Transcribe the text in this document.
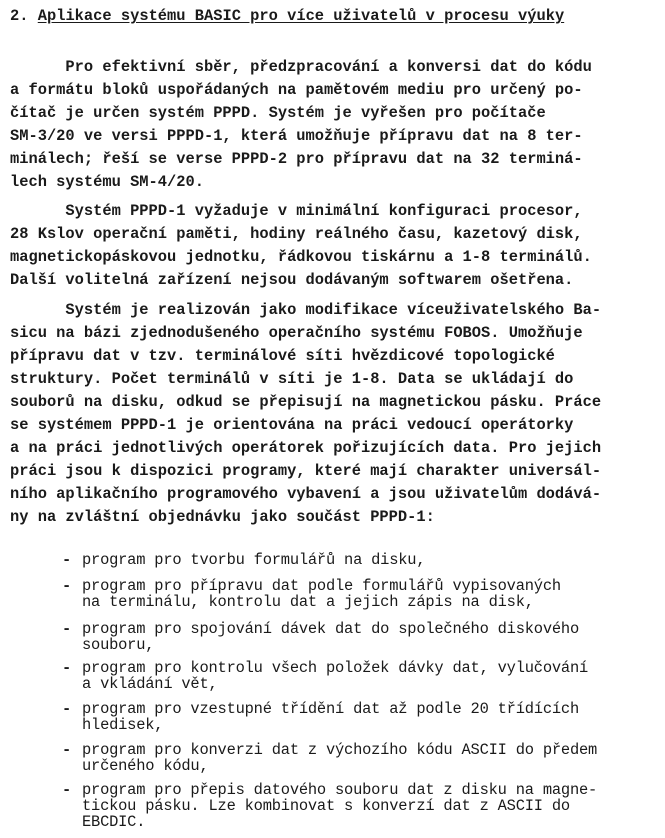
2. Aplikace systému BASIC pro více uživatelů v procesu výuky
Pro efektivní sběr, předzpracování a konversi dat do kódu
a formátu bloků uspořádaných na pamětovém mediu pro určený po-
čítač je určen systém PPPD. Systém je vyřešen pro počítače
SM-3/20 ve versi PPPD-1, která umožňuje přípravu dat na 8 ter-
minálech; řeší se verse PPPD-2 pro přípravu dat na 32 terminá-
lech systému SM-4/20.
Systém PPPD-1 vyžaduje v minimální konfiguraci procesor,
28 Kslov operační paměti, hodiny reálného času, kazetový disk,
magnetickopáskovou jednotku, řádkovou tiskárnu a 1-8 terminálů.
Další volitelná zařízení nejsou dodávaným softwarem ošetřena.
Systém je realizován jako modifikace víceuživatelského Ba-
sicu na bázi zjednodušeného operačního systému FOBOS. Umožňuje
přípravu dat v tzv. terminálové síti hvězdicové topologické
struktury. Počet terminálů v síti je 1-8. Data se ukládají do
souborů na disku, odkud se přepisují na magnetickou pásku. Práce
se systémem PPPD-1 je orientována na práci vedoucí operátorky
a na práci jednotlivých operátorek pořizujících data. Pro jejich
práci jsou k dispozici programy, které mají charakter universál-
ního aplikačního programového vybavení a jsou uživatelům dodává-
ny na zvláštní objednávku jako součást PPPD-1:
- program pro tvorbu formulářů na disku,
- program pro přípravu dat podle formulářů vypisovaných
na terminálu, kontrolu dat a jejich zápis na disk,
- program pro spojování dávek dat do společného diskového
souboru,
- program pro kontrolu všech položek dávky dat, vylučování
a vkládání vět,
- program pro vzestupné třídění dat až podle 20 třídících
hledisek,
- program pro konverzi dat z výchozího kódu ASCII do předem
určeného kódu,
- program pro přepis datového souboru dat z disku na magne-
tickou pásku. Lze kombinovat s konverzí dat z ASCII do
EBCDIC.
